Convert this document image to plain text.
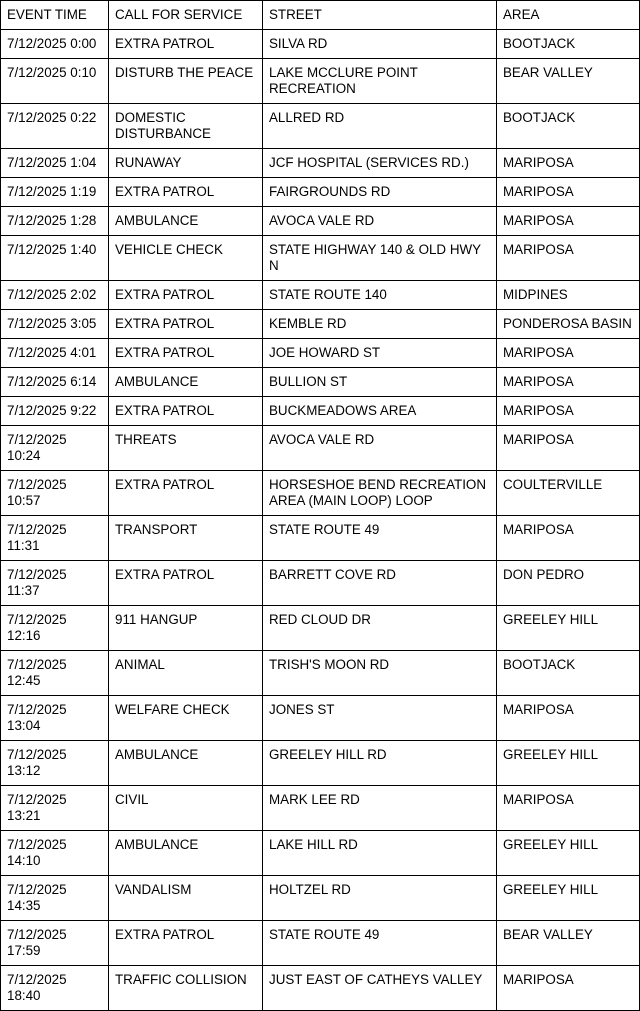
EVENT TIME	CALL FOR SERVICE	STREET	AREA
7/12/2025 0:00	EXTRA PATROL	SILVA RD	BOOTJACK
7/12/2025 0:10	DISTURB THE PEACE	LAKE MCCLURE POINT RECREATION	BEAR VALLEY
7/12/2025 0:22	DOMESTIC DISTURBANCE	ALLRED RD	BOOTJACK
7/12/2025 1:04	RUNAWAY	JCF HOSPITAL (SERVICES RD.)	MARIPOSA
7/12/2025 1:19	EXTRA PATROL	FAIRGROUNDS RD	MARIPOSA
7/12/2025 1:28	AMBULANCE	AVOCA VALE RD	MARIPOSA
7/12/2025 1:40	VEHICLE CHECK	STATE HIGHWAY 140 & OLD HWY N	MARIPOSA
7/12/2025 2:02	EXTRA PATROL	STATE ROUTE 140	MIDPINES
7/12/2025 3:05	EXTRA PATROL	KEMBLE RD	PONDEROSA BASIN
7/12/2025 4:01	EXTRA PATROL	JOE HOWARD ST	MARIPOSA
7/12/2025 6:14	AMBULANCE	BULLION ST	MARIPOSA
7/12/2025 9:22	EXTRA PATROL	BUCKMEADOWS AREA	MARIPOSA
7/12/2025 10:24	THREATS	AVOCA VALE RD	MARIPOSA
7/12/2025 10:57	EXTRA PATROL	HORSESHOE BEND RECREATION AREA (MAIN LOOP) LOOP	COULTERVILLE
7/12/2025 11:31	TRANSPORT	STATE ROUTE 49	MARIPOSA
7/12/2025 11:37	EXTRA PATROL	BARRETT COVE RD	DON PEDRO
7/12/2025 12:16	911 HANGUP	RED CLOUD DR	GREELEY HILL
7/12/2025 12:45	ANIMAL	TRISH'S MOON RD	BOOTJACK
7/12/2025 13:04	WELFARE CHECK	JONES ST	MARIPOSA
7/12/2025 13:12	AMBULANCE	GREELEY HILL RD	GREELEY HILL
7/12/2025 13:21	CIVIL	MARK LEE RD	MARIPOSA
7/12/2025 14:10	AMBULANCE	LAKE HILL RD	GREELEY HILL
7/12/2025 14:35	VANDALISM	HOLTZEL RD	GREELEY HILL
7/12/2025 17:59	EXTRA PATROL	STATE ROUTE 49	BEAR VALLEY
7/12/2025 18:40	TRAFFIC COLLISION	JUST EAST OF CATHEYS VALLEY	MARIPOSA
